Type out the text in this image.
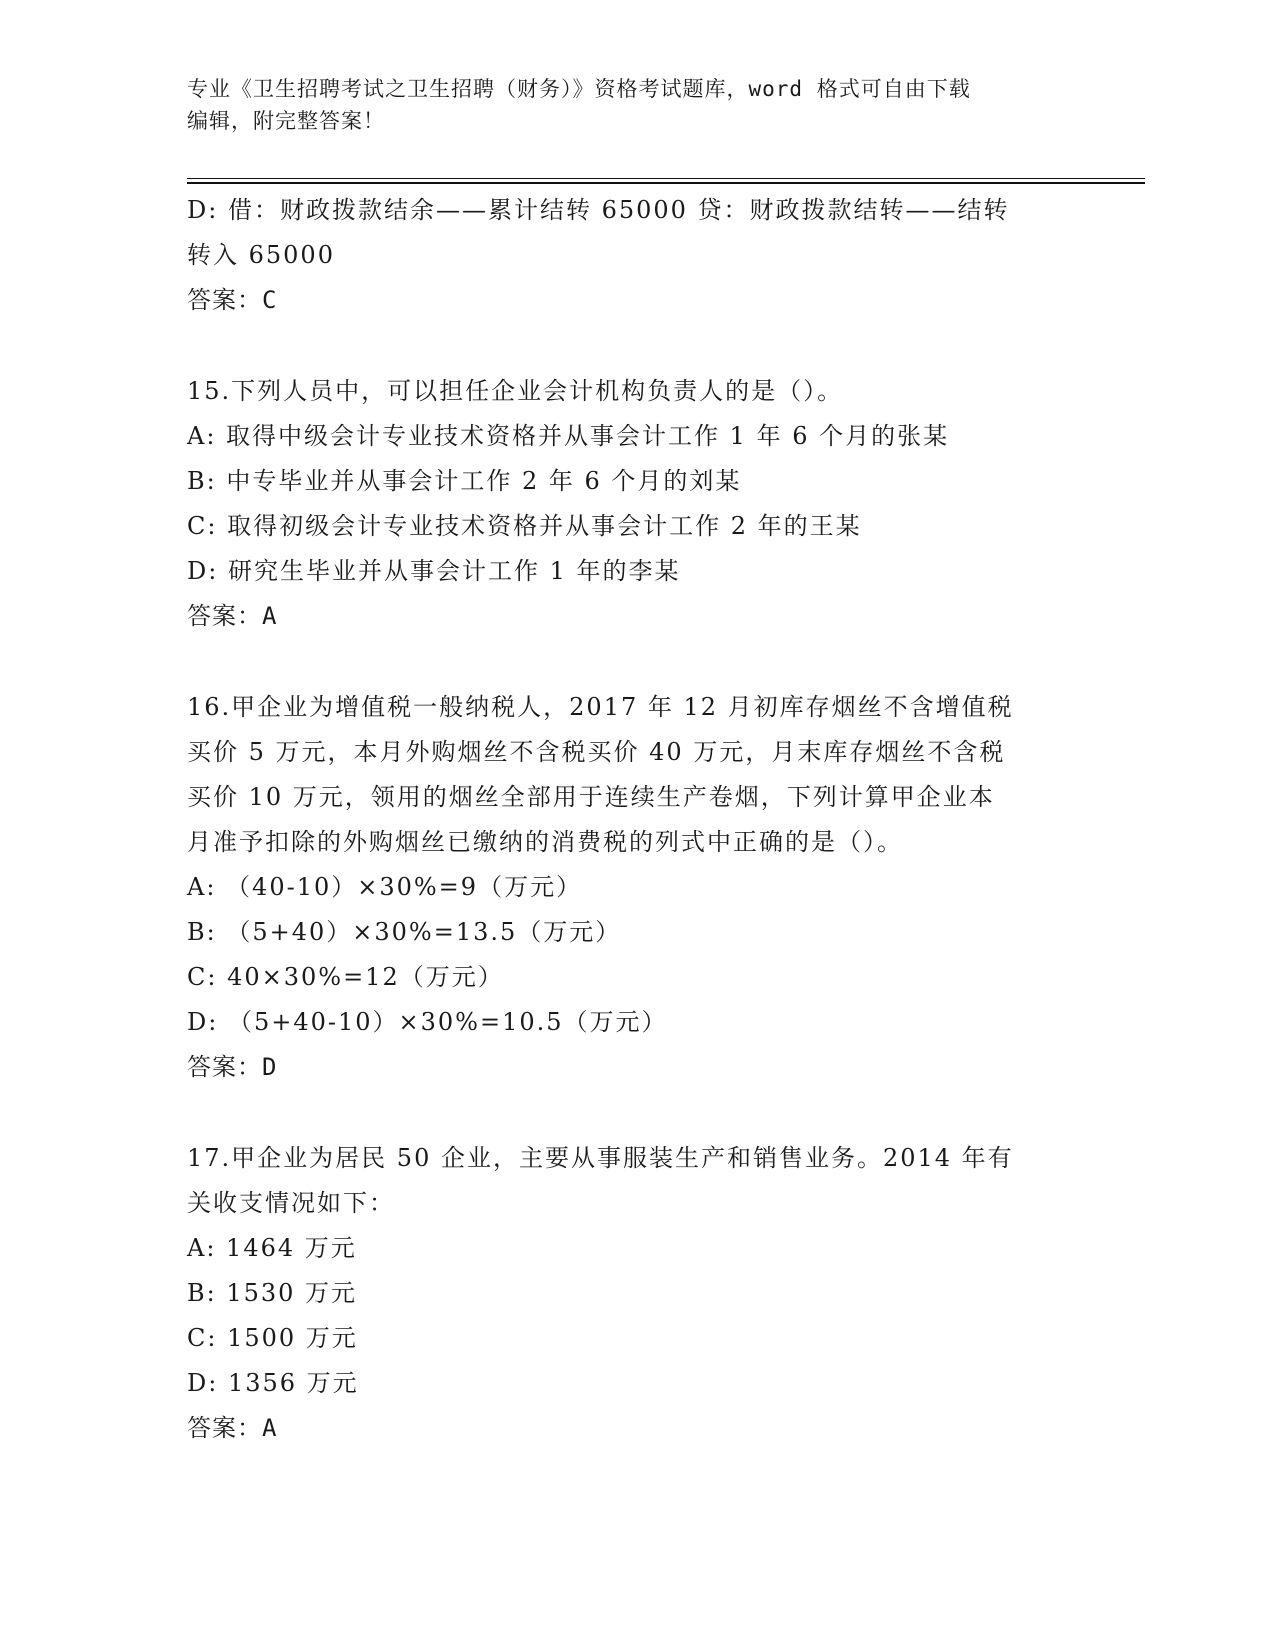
专业《卫生招聘考试之卫生招聘（财务）》资格考试题库，word 格式可自由下载
编辑，附完整答案！
D: 借：财政拨款结余——累计结转 65000 贷：财政拨款结转——结转
转入 65000
答案：C
15.下列人员中，可以担任企业会计机构负责人的是（）。
A: 取得中级会计专业技术资格并从事会计工作 1 年 6 个月的张某
B: 中专毕业并从事会计工作 2 年 6 个月的刘某
C: 取得初级会计专业技术资格并从事会计工作 2 年的王某
D: 研究生毕业并从事会计工作 1 年的李某
答案：A
16.甲企业为增值税一般纳税人，2017 年 12 月初库存烟丝不含增值税
买价 5 万元，本月外购烟丝不含税买价 40 万元，月末库存烟丝不含税
买价 10 万元，领用的烟丝全部用于连续生产卷烟，下列计算甲企业本
月准予扣除的外购烟丝已缴纳的消费税的列式中正确的是（）。
A: （40-10）×30%=9（万元）
B: （5+40）×30%=13.5（万元）
C: 40×30%=12（万元）
D: （5+40-10）×30%=10.5（万元）
答案：D
17.甲企业为居民 50 企业，主要从事服装生产和销售业务。2014 年有
关收支情况如下：
A: 1464 万元
B: 1530 万元
C: 1500 万元
D: 1356 万元
答案：A
